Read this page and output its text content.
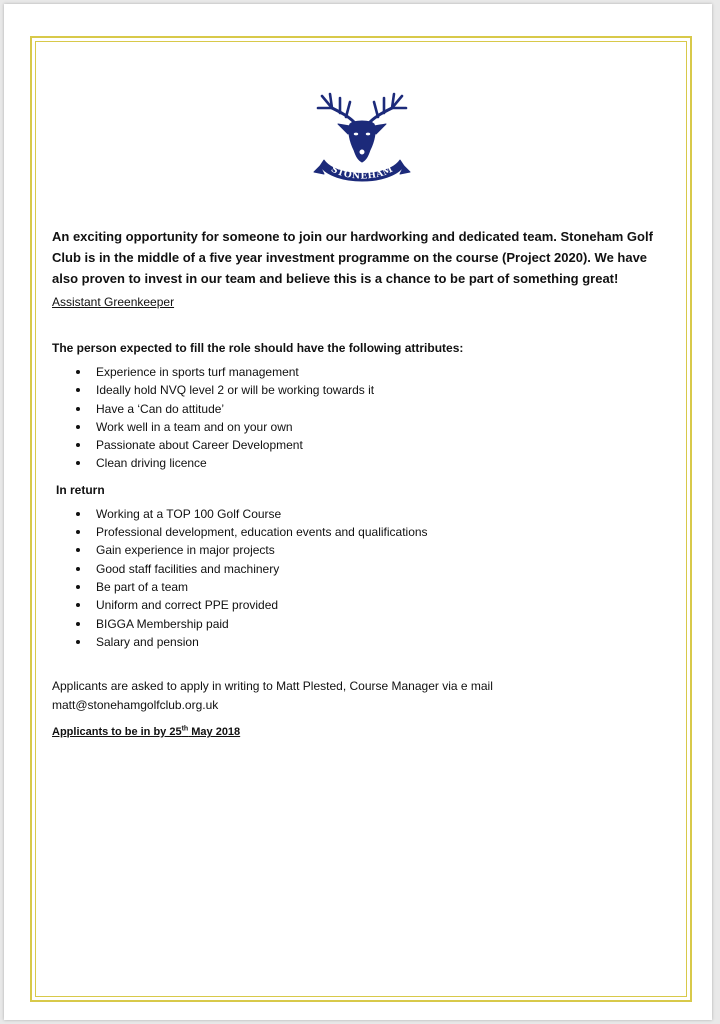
STONEHAM

An exciting opportunity for someone to join our hardworking and dedicated team. Stoneham Golf Club is in the middle of a five year investment programme on the course (Project 2020). We have also proven to invest in our team and believe this is a chance to be part of something great!

Assistant Greenkeeper
The person expected to fill the role should have the following attributes:
Experience in sports turf management
Ideally hold NVQ level 2 or will be working towards it
Have a ‘Can do attitude’
Work well in a team and on your own
Passionate about Career Development
Clean driving licence
In return
Working at a TOP 100 Golf Course
Professional development, education events and qualifications
Gain experience in major projects
Good staff facilities and machinery
Be part of a team
Uniform and correct PPE provided
BIGGA Membership paid
Salary and pension
Applicants are asked to apply in writing to Matt Plested, Course Manager via e mail
matt@stonehamgolfclub.org.uk
Applicants to be in by 25th May 2018
